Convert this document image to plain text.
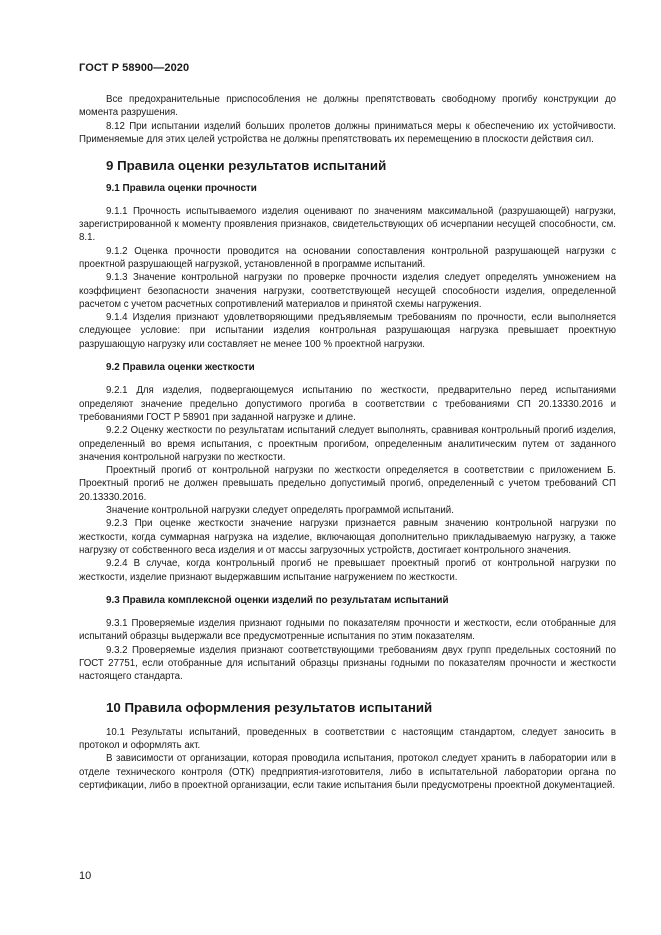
ГОСТ Р 58900—2020

Все предохранительные приспособления не должны препятствовать свободному прогибу конструкции до момента разрушения.

8.12 При испытании изделий больших пролетов должны приниматься меры к обеспечению их устойчивости. Применяемые для этих целей устройства не должны препятствовать их перемещению в плоскости действия сил.

9 Правила оценки результатов испытаний
9.1 Правила оценки прочности

9.1.1 Прочность испытываемого изделия оценивают по значениям максимальной (разрушающей) нагрузки, зарегистрированной к моменту проявления признаков, свидетельствующих об исчерпании несущей способности, см. 8.1.

9.1.2 Оценка прочности проводится на основании сопоставления контрольной разрушающей нагрузки с проектной разрушающей нагрузкой, установленной в программе испытаний.

9.1.3 Значение контрольной нагрузки по проверке прочности изделия следует определять умножением на коэффициент безопасности значения нагрузки, соответствующей несущей способности изделия, определенной расчетом с учетом расчетных сопротивлений материалов и принятой схемы нагружения.

9.1.4 Изделия признают удовлетворяющими предъявляемым требованиям по прочности, если выполняется следующее условие: при испытании изделия контрольная разрушающая нагрузка превышает проектную разрушающую нагрузку или составляет не менее 100 % проектной нагрузки.

9.2 Правила оценки жесткости

9.2.1 Для изделия, подвергающемуся испытанию по жесткости, предварительно перед испытаниями определяют значение предельно допустимого прогиба в соответствии с требованиями СП 20.13330.2016 и требованиями ГОСТ Р 58901 при заданной нагрузке и длине.

9.2.2 Оценку жесткости по результатам испытаний следует выполнять, сравнивая контрольный прогиб изделия, определенный во время испытания, с проектным прогибом, определенным аналитическим путем от заданного значения контрольной нагрузки по жесткости.

Проектный прогиб от контрольной нагрузки по жесткости определяется в соответствии с приложением Б. Проектный прогиб не должен превышать предельно допустимый прогиб, определенный с учетом требований СП 20.13330.2016.

Значение контрольной нагрузки следует определять программой испытаний.

9.2.3 При оценке жесткости значение нагрузки признается равным значению контрольной нагрузки по жесткости, когда суммарная нагрузка на изделие, включающая дополнительно прикладываемую нагрузку, а также нагрузку от собственного веса изделия и от массы загрузочных устройств, достигает контрольного значения.

9.2.4 В случае, когда контрольный прогиб не превышает проектный прогиб от контрольной нагрузки по жесткости, изделие признают выдержавшим испытание нагружением по жесткости.

9.3 Правила комплексной оценки изделий по результатам испытаний

9.3.1 Проверяемые изделия признают годными по показателям прочности и жесткости, если отобранные для испытаний образцы выдержали все предусмотренные испытания по этим показателям.

9.3.2 Проверяемые изделия признают соответствующими требованиям двух групп предельных состояний по ГОСТ 27751, если отобранные для испытаний образцы признаны годными по показателям прочности и жесткости настоящего стандарта.

10 Правила оформления результатов испытаний

10.1 Результаты испытаний, проведенных в соответствии с настоящим стандартом, следует заносить в протокол и оформлять акт.

В зависимости от организации, которая проводила испытания, протокол следует хранить в лаборатории или в отделе технического контроля (ОТК) предприятия-изготовителя, либо в испытательной лаборатории органа по сертификации, либо в проектной организации, если такие испытания были предусмотрены проектной документацией.

10
